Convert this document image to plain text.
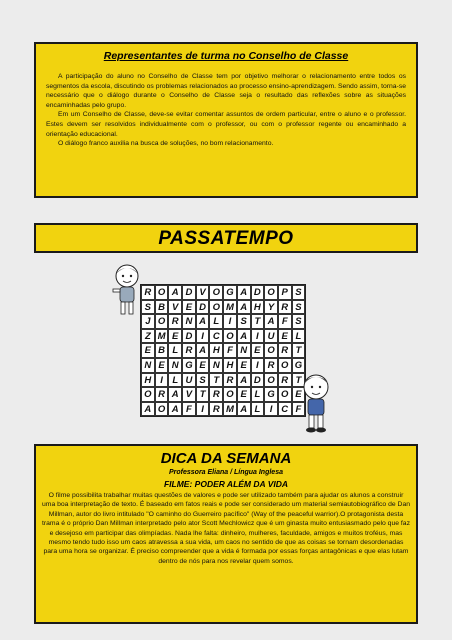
Representantes de turma no Conselho de Classe

A participação do aluno no Conselho de Classe tem por objetivo melhorar o relacionamento entre todos os segmentos da escola, discutindo os problemas relacionados ao processo ensino-aprendizagem. Sendo assim, torna-se necessário que o diálogo durante o Conselho de Classe seja o resultado das reflexões sobre as situações encaminhadas pelo grupo.

Em um Conselho de Classe, deve-se evitar comentar assuntos de ordem particular, entre o aluno e o professor. Estes devem ser resolvidos individualmente com o professor, ou com o professor regente ou encaminhado a orientação educacional.

O diálogo franco auxilia na busca de soluções, no bom relacionamento.

PASSATEMPO
R O A D V O G A D O P S
S B V E D O M A H Y R S
J O R N A L I S T A F S
Z M E D I C O A I U E L
E B L R A H F N E O R T
N E N G E N H E I R O G
H I L U S T R A D O R T
O R A V T R O E L G O E
A O A F I R M A L I C F

DICA DA SEMANA

Professora Eliana / Língua Inglesa

FILME: PODER ALÉM DA VIDA

O filme possibilita trabalhar muitas questões de valores e pode ser utilizado também para ajudar os alunos a construir uma boa interpretação de texto. É baseado em fatos reais e pode ser considerado um material semiautobiográfico de Dan Millman, autor do livro intitulado "O caminho do Guerreiro pacífico" (Way of the peaceful warrior).O protagonista desta trama é o próprio Dan Millman interpretado pelo ator Scott Mechlowicz que é um ginasta muito entusiasmado pelo que faz e desejoso em participar das olimpíadas. Nada lhe falta: dinheiro, mulheres, faculdade, amigos e muitos troféus, mas mesmo tendo tudo isso um caos atravessa a sua vida, um caos no sentido de que as coisas se tornam desordenadas para uma hora se organizar. É preciso compreender que a vida é formada por essas forças antagônicas e que elas lutam dentro de nós para nos revelar quem somos.
